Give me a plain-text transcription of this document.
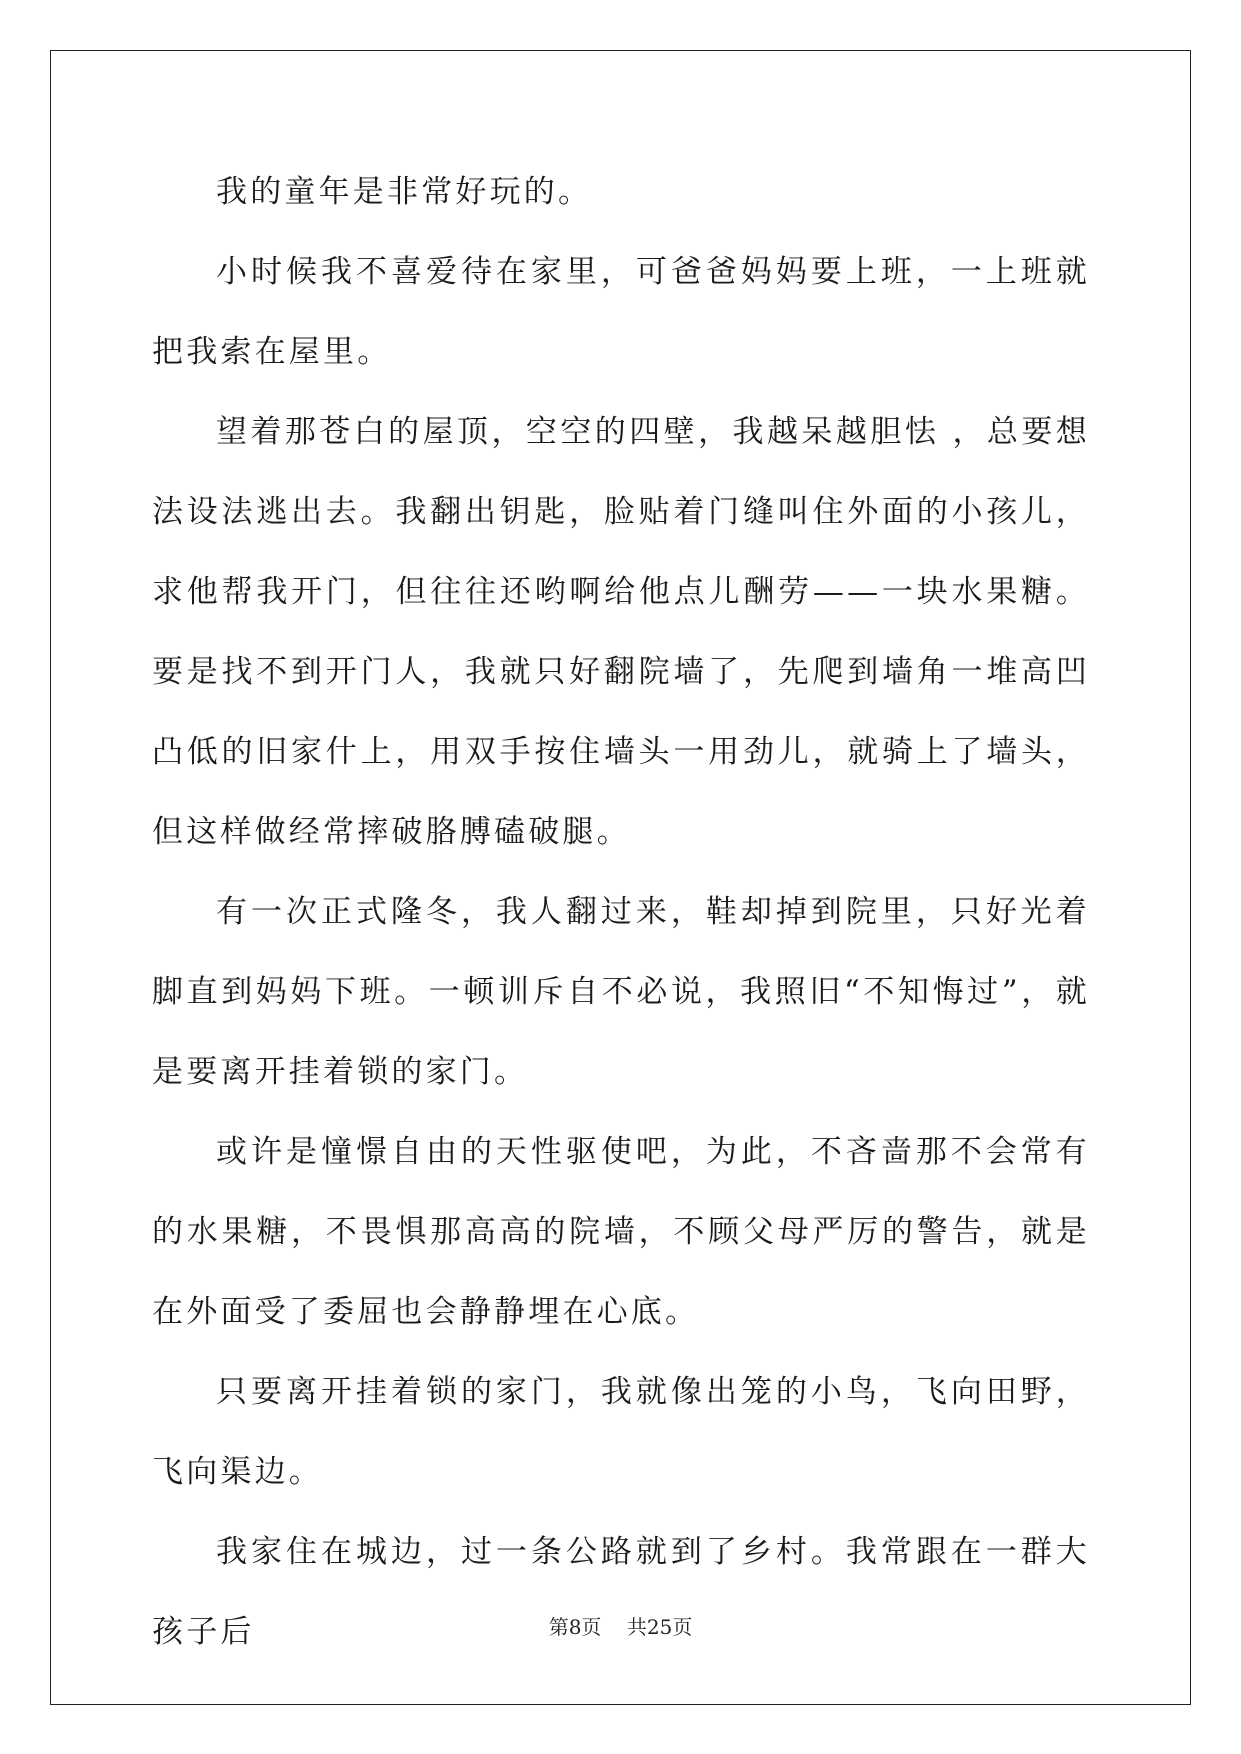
我的童年是非常好玩的。

小时候我不喜爱待在家里，可爸爸妈妈要上班，一上班就把我索在屋里。

望着那苍白的屋顶，空空的四壁，我越呆越胆怯 ，总要想法设法逃出去。我翻出钥匙，脸贴着门缝叫住外面的小孩儿，求他帮我开门，但往往还哟啊给他点儿酬劳——一块水果糖。要是找不到开门人，我就只好翻院墙了，先爬到墙角一堆高凹凸低的旧家什上，用双手按住墙头一用劲儿，就骑上了墙头，但这样做经常摔破胳膊磕破腿。

有一次正式隆冬，我人翻过来，鞋却掉到院里，只好光着脚直到妈妈下班。一顿训斥自不必说，我照旧“不知悔过”，就是要离开挂着锁的家门。

或许是憧憬自由的天性驱使吧，为此，不吝啬那不会常有的水果糖，不畏惧那高高的院墙，不顾父母严厉的警告，就是在外面受了委屈也会静静埋在心底。

只要离开挂着锁的家门，我就像出笼的小鸟，飞向田野，飞向渠边。

我家住在城边，过一条公路就到了乡村。我常跟在一群大孩子后	第8页 共25页
